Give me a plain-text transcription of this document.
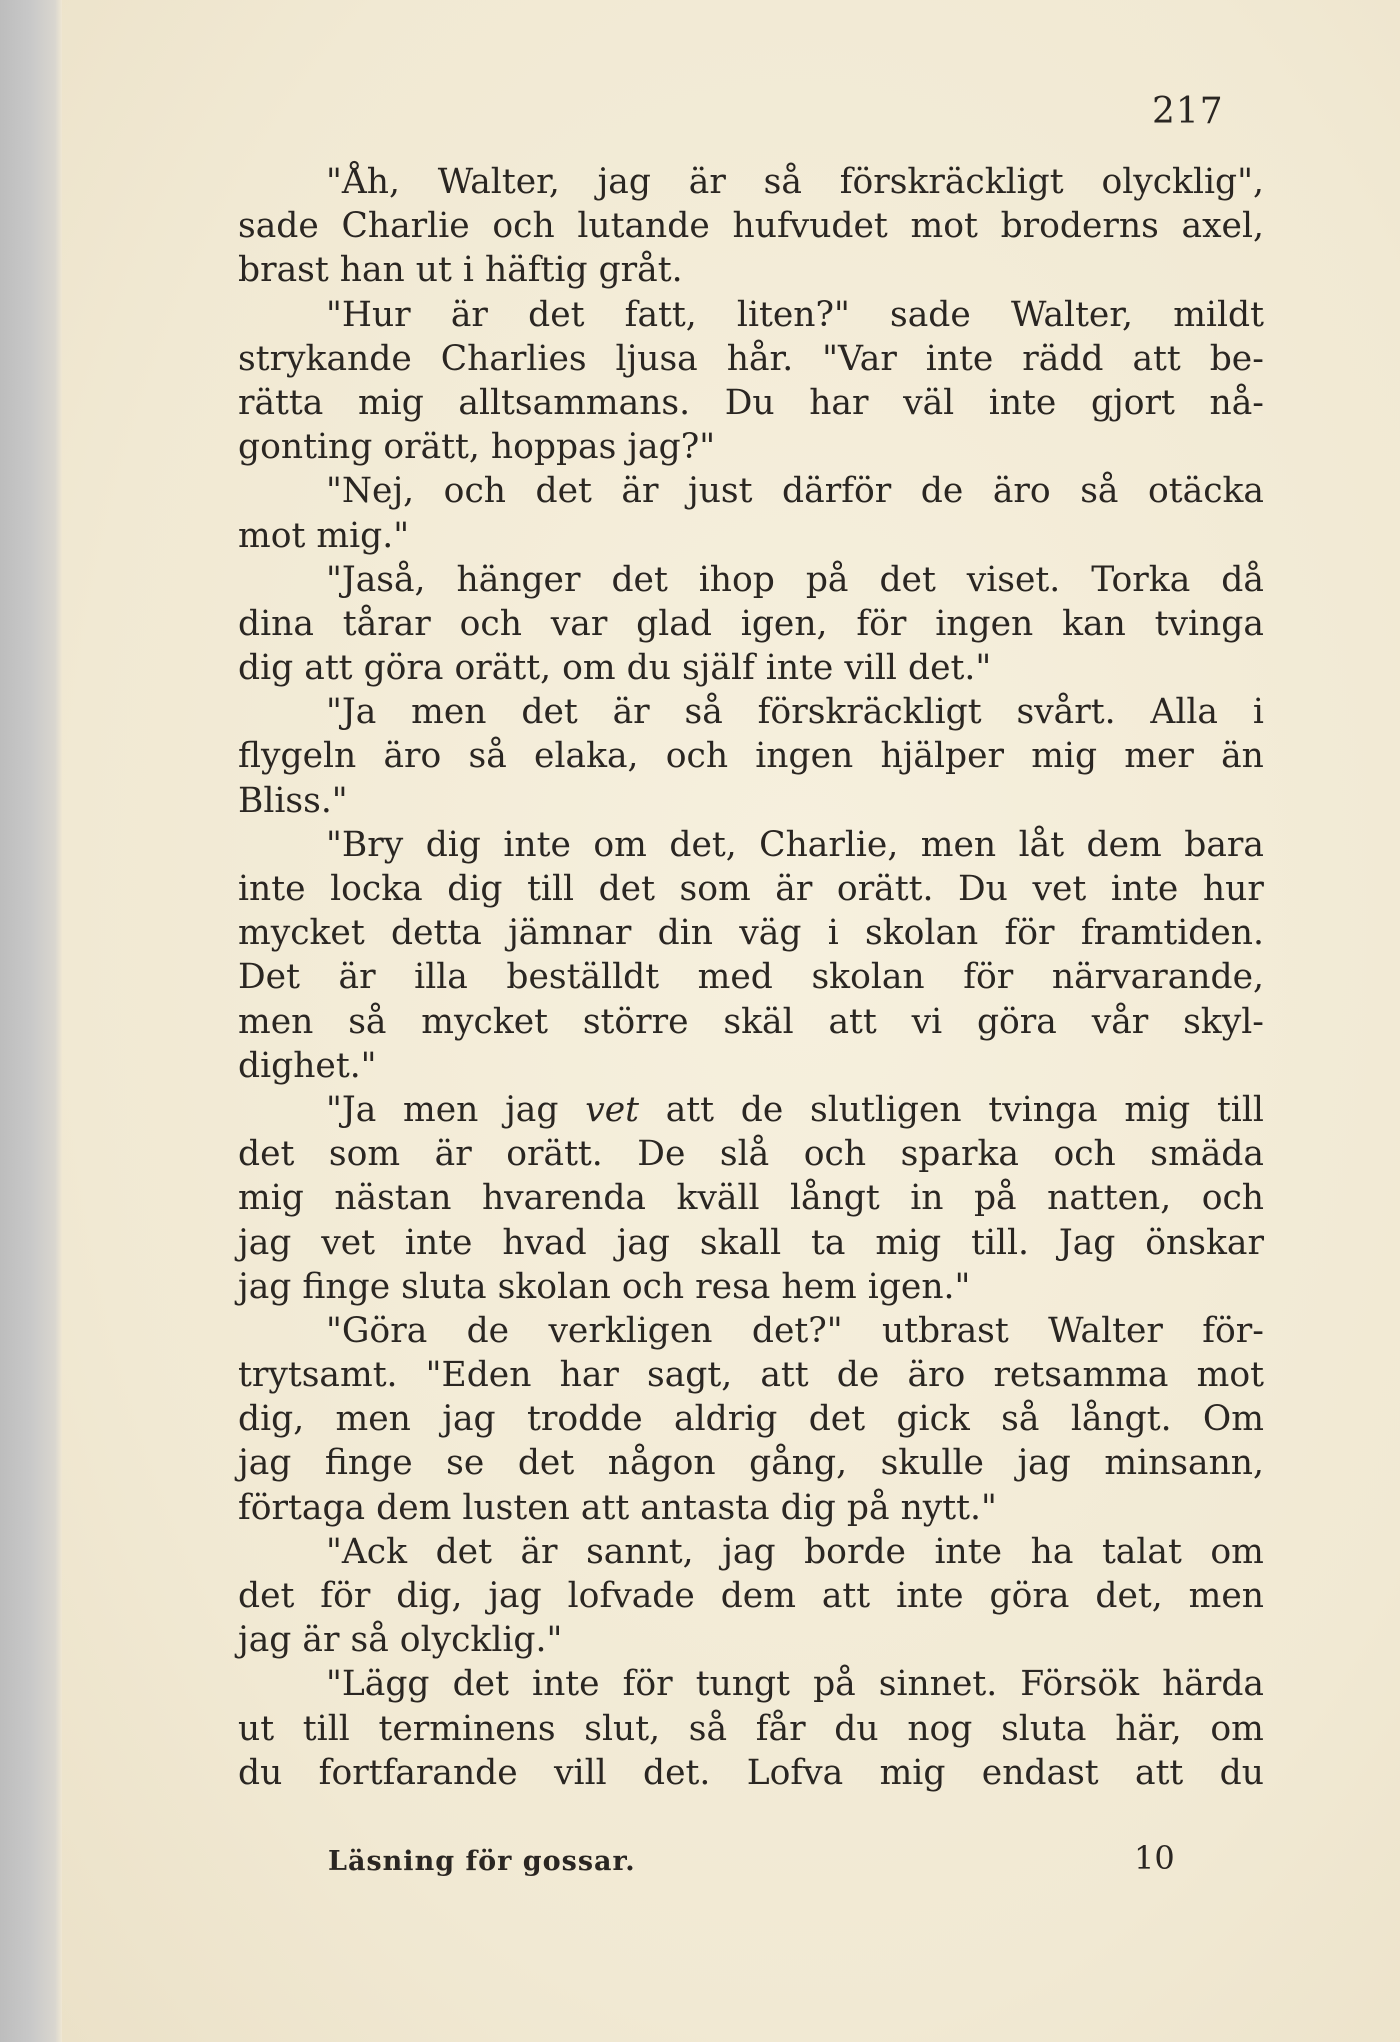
217
"Åh, Walter, jag är så förskräckligt olycklig",
sade Charlie och lutande hufvudet mot broderns axel,
brast han ut i häftig gråt.
"Hur är det fatt, liten?" sade Walter, mildt
strykande Charlies ljusa hår. "Var inte rädd att be-
rätta mig alltsammans. Du har väl inte gjort nå-
gonting orätt, hoppas jag?"
"Nej, och det är just därför de äro så otäcka
mot mig."
"Jaså, hänger det ihop på det viset. Torka då
dina tårar och var glad igen, för ingen kan tvinga
dig att göra orätt, om du själf inte vill det."
"Ja men det är så förskräckligt svårt. Alla i
flygeln äro så elaka, och ingen hjälper mig mer än
Bliss."
"Bry dig inte om det, Charlie, men låt dem bara
inte locka dig till det som är orätt. Du vet inte hur
mycket detta jämnar din väg i skolan för framtiden.
Det är illa beställdt med skolan för närvarande,
men så mycket större skäl att vi göra vår skyl-
dighet."
"Ja men jag vet att de slutligen tvinga mig till
det som är orätt. De slå och sparka och smäda
mig nästan hvarenda kväll långt in på natten, och
jag vet inte hvad jag skall ta mig till. Jag önskar
jag finge sluta skolan och resa hem igen."
"Göra de verkligen det?" utbrast Walter för-
trytsamt. "Eden har sagt, att de äro retsamma mot
dig, men jag trodde aldrig det gick så långt. Om
jag finge se det någon gång, skulle jag minsann,
förtaga dem lusten att antasta dig på nytt."
"Ack det är sannt, jag borde inte ha talat om
det för dig, jag lofvade dem att inte göra det, men
jag är så olycklig."
"Lägg det inte för tungt på sinnet. Försök härda
ut till terminens slut, så får du nog sluta här, om
du fortfarande vill det. Lofva mig endast att du
Läsning för gossar.	10
